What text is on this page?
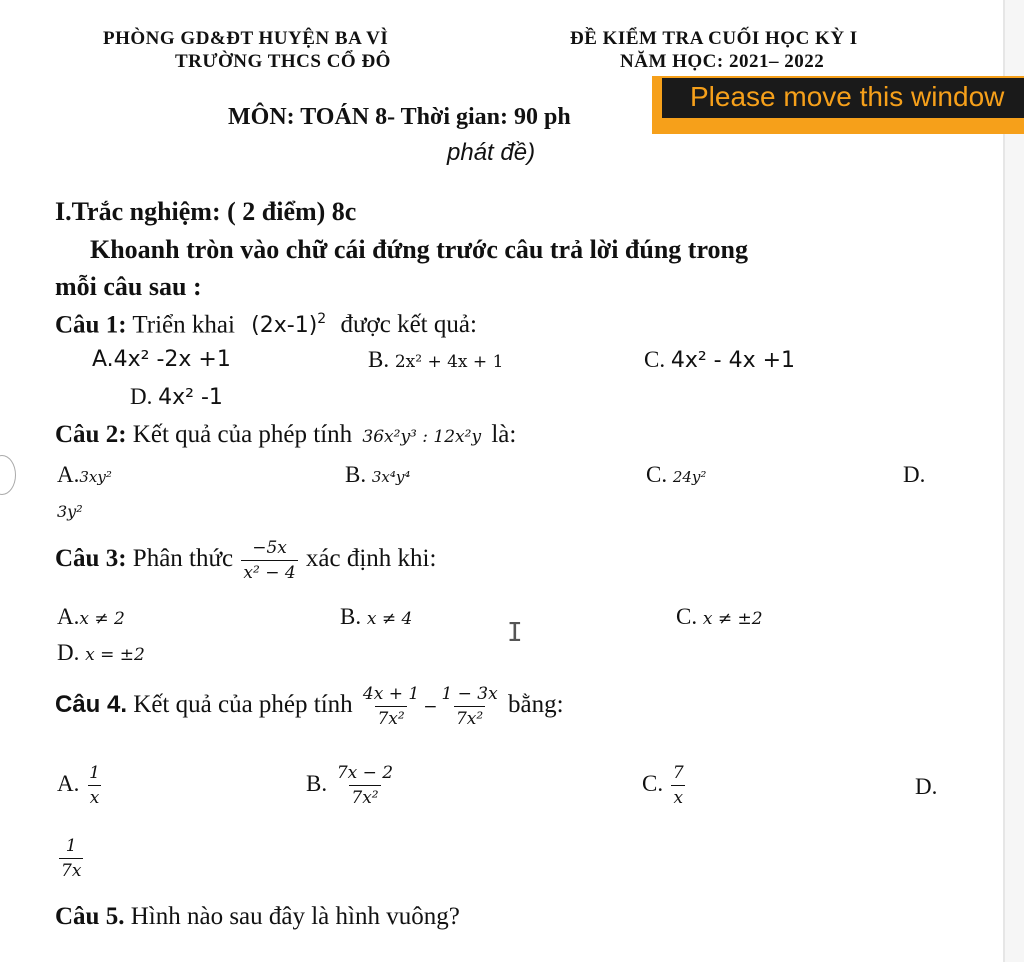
PHÒNG GD&ĐT HUYỆN BA VÌ
TRƯỜNG THCS CỔ ĐÔ
ĐỀ KIỂM TRA CUỐI HỌC KỲ I
NĂM HỌC: 2021– 2022
MÔN: TOÁN 8- Thời gian: 90 ph
phát đề)
Please move this window
I.Trắc nghiệm: ( 2 điểm) 8c
Khoanh tròn vào chữ cái đứng trước câu trả lời đúng trong
mỗi câu sau :
Câu 1: Triển khai $(2x-1)^2$ được kết quả:
A.4x² -2x +1	B. 2x² + 4x + 1	C. 4x² - 4x +1
D. 4x² -1
Câu 2: Kết quả của phép tính 36x²y³ : 12x²y là:
A.3xy²	B. 3x⁴y⁴	C. 24y²	D.
3y²
Câu 3: Phân thức $\frac{-5x}{\text{x² − 4}}$ xác định khi:
A.x ≠ 2	B. x ≠ 4	C. x ≠ ±2
D. x = ±2
I
Câu 4. Kết quả của phép tính $\frac{4x + 1}{\text{7x²}} - \frac{1 - 3x}{\text{7x²}}$ bằng:
A. $\frac{1}{x}$	B. $\frac{7x - 2}{\text{7x²}}$	C. $\frac{7}{x}$	D.
$\frac{1}{7x}$
Câu 5. Hình nào sau đây là hình vuông?
